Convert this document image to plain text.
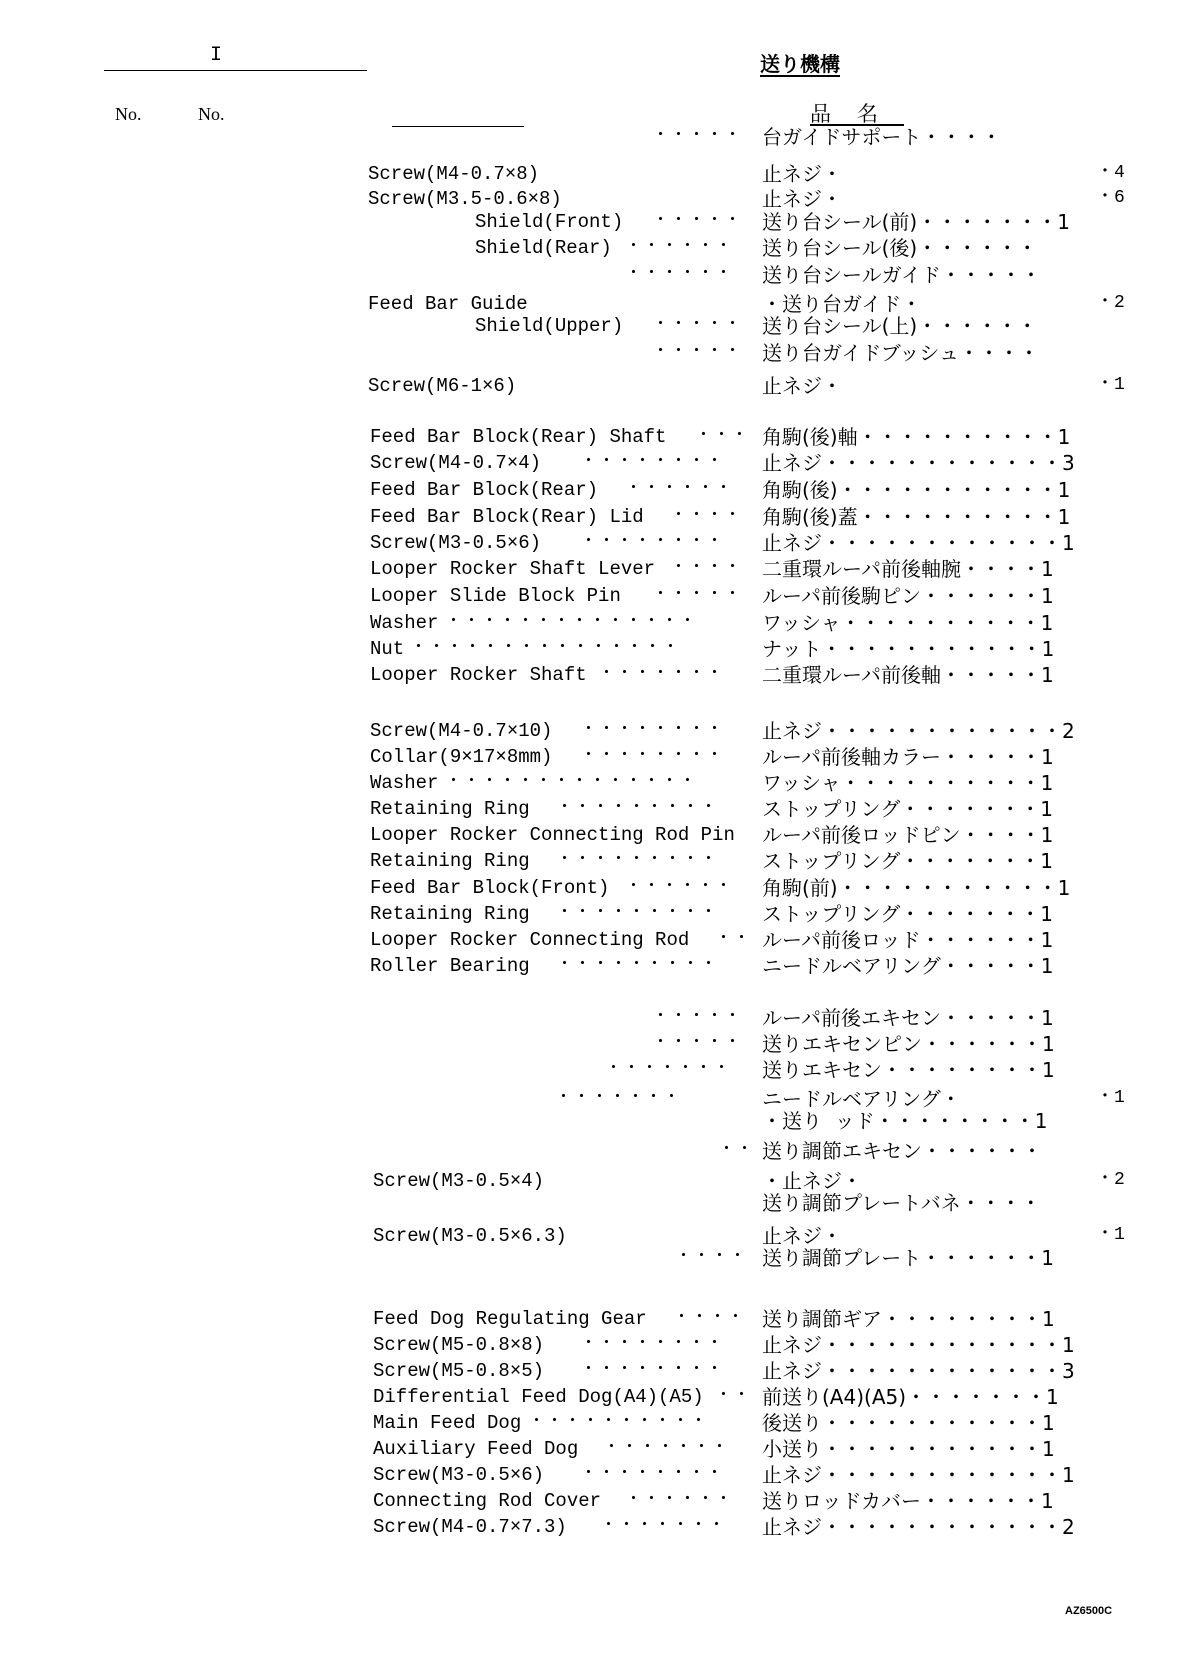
I	送り機構
No.	No.	品名
・・・・・ 台ガイドサポート・・・・
Screw(M4-0.7×8)	止ネジ・	・4
Screw(M3.5-0.6×8)	止ネジ・	・6
Shield(Front) ・・・・・ 送り台シール(前)・・・・・・・1
Shield(Rear) ・・・・・・ 送り台シール(後)・・・・・・
・・・・・・ 送り台シールガイド・・・・・
Feed Bar Guide	・送り台ガイド・	・2
Shield(Upper) ・・・・・ 送り台シール(上)・・・・・・
・・・・・ 送り台ガイドブッシュ・・・・
Screw(M6-1×6)	止ネジ・	・1
Feed Bar Block(Rear) Shaft ・・・ 角駒(後)軸・・・・・・・・・・1
Screw(M4-0.7×4) ・・・・・・・・ 止ネジ・・・・・・・・・・・・3
Feed Bar Block(Rear) ・・・・・・ 角駒(後)・・・・・・・・・・・1
Feed Bar Block(Rear) Lid ・・・・ 角駒(後)蓋・・・・・・・・・・1
Screw(M3-0.5×6) ・・・・・・・・ 止ネジ・・・・・・・・・・・・1
Looper Rocker Shaft Lever ・・・・ 二重環ルーパ前後軸腕・・・・1
Looper Slide Block Pin ・・・・・ ルーパ前後駒ピン・・・・・・1
Washer ・・・・・・・・・・・・・・	ワッシャ・・・・・・・・・・1
Nut ・・・・・・・・・・・・・・・	ナット・・・・・・・・・・・1
Looper Rocker Shaft ・・・・・・・ 二重環ルーパ前後軸・・・・・1
Screw(M4-0.7×10) ・・・・・・・・ 止ネジ・・・・・・・・・・・・2
Collar(9×17×8mm) ・・・・・・・・ ルーパ前後軸カラー・・・・・1
Washer ・・・・・・・・・・・・・・	ワッシャ・・・・・・・・・・1
Retaining Ring ・・・・・・・・・ ストップリング・・・・・・・1
Looper Rocker Connecting Rod Pin ルーパ前後ロッドピン・・・・1
Retaining Ring ・・・・・・・・・ ストップリング・・・・・・・1
Feed Bar Block(Front) ・・・・・・ 角駒(前)・・・・・・・・・・・1
Retaining Ring ・・・・・・・・・ ストップリング・・・・・・・1
Looper Rocker Connecting Rod ・・ ルーパ前後ロッド・・・・・・1
Roller Bearing ・・・・・・・・・ ニードルベアリング・・・・・1
・・・・・ ルーパ前後エキセン・・・・・1
・・・・・ 送りエキセンピン・・・・・・1
・・・・・・・ 送りエキセン・・・・・・・・1
・・・・・・・	ニードルベアリング・	・1
・送り  ッド・・・・・・・・1
・・ 送り調節エキセン・・・・・・
Screw(M3-0.5×4)	・止ネジ・	・2
送り調節プレートバネ・・・・
Screw(M3-0.5×6.3)	止ネジ・	・1
・・・・ 送り調節プレート・・・・・・1
Feed Dog Regulating Gear ・・・・ 送り調節ギア・・・・・・・・1
Screw(M5-0.8×8) ・・・・・・・・ 止ネジ・・・・・・・・・・・・1
Screw(M5-0.8×5) ・・・・・・・・ 止ネジ・・・・・・・・・・・・3
Differential Feed Dog(A4)(A5) ・・ 前送り(A4)(A5)・・・・・・・1
Main Feed Dog ・・・・・・・・・・	後送り・・・・・・・・・・・1
Auxiliary Feed Dog ・・・・・・・ 小送り・・・・・・・・・・・1
Screw(M3-0.5×6) ・・・・・・・・ 止ネジ・・・・・・・・・・・・1
Connecting Rod Cover ・・・・・・ 送りロッドカバー・・・・・・1
Screw(M4-0.7×7.3) ・・・・・・・ 止ネジ・・・・・・・・・・・・2
AZ6500C
